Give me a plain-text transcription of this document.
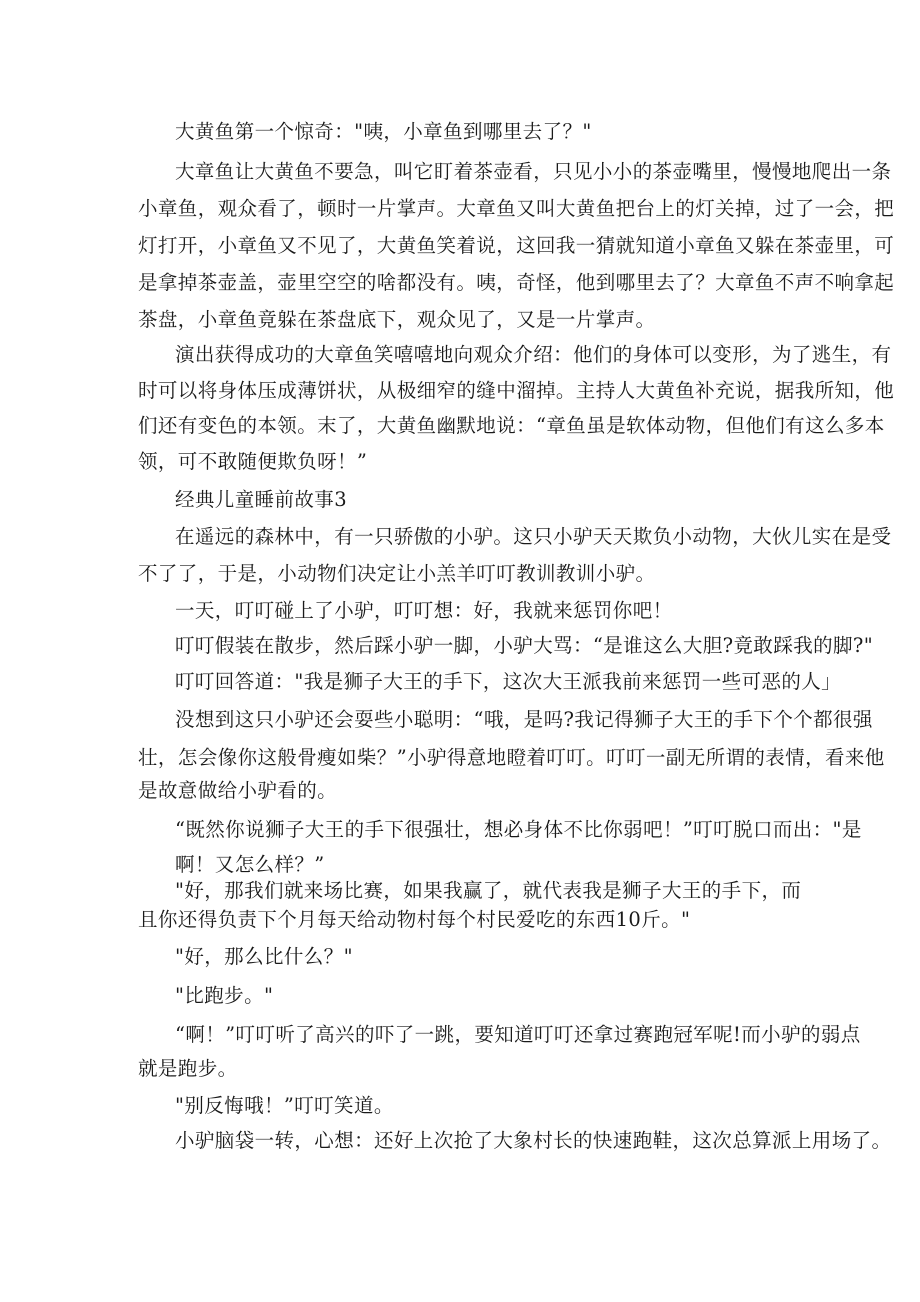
大黄鱼第一个惊奇："咦，小章鱼到哪里去了？"

大章鱼让大黄鱼不要急，叫它盯着茶壶看，只见小小的茶壶嘴里，慢慢地爬出一条

小章鱼，观众看了，顿时一片掌声。大章鱼又叫大黄鱼把台上的灯关掉，过了一会，把

灯打开，小章鱼又不见了，大黄鱼笑着说，这回我一猜就知道小章鱼又躲在茶壶里，可

是拿掉茶壶盖，壶里空空的啥都没有。咦，奇怪，他到哪里去了？大章鱼不声不响拿起

茶盘，小章鱼竟躲在茶盘底下，观众见了，又是一片掌声。

演出获得成功的大章鱼笑嘻嘻地向观众介绍：他们的身体可以变形，为了逃生，有

时可以将身体压成薄饼状，从极细窄的缝中溜掉。主持人大黄鱼补充说，据我所知，他

们还有变色的本领。末了，大黄鱼幽默地说：“章鱼虽是软体动物，但他们有这么多本

领，可不敢随便欺负呀！”

经典儿童睡前故事3

在遥远的森林中，有一只骄傲的小驴。这只小驴天天欺负小动物，大伙儿实在是受

不了了，于是，小动物们决定让小羔羊叮叮教训教训小驴。

一天，叮叮碰上了小驴，叮叮想：好，我就来惩罚你吧！

叮叮假装在散步，然后踩小驴一脚，小驴大骂：“是谁这么大胆?竟敢踩我的脚?"

叮叮回答道："我是狮子大王的手下，这次大王派我前来惩罚一些可恶的人」

没想到这只小驴还会耍些小聪明：“哦，是吗?我记得狮子大王的手下个个都很强

壮，怎会像你这般骨瘦如柴？”小驴得意地瞪着叮叮。叮叮一副无所谓的表情，看来他

是故意做给小驴看的。

“既然你说狮子大王的手下很强壮，想必身体不比你弱吧！”叮叮脱口而出："是

啊！又怎么样？”

"好，那我们就来场比赛，如果我赢了，就代表我是狮子大王的手下，而

且你还得负责下个月每天给动物村每个村民爱吃的东西10斤。"

"好，那么比什么？"

"比跑步。"

“啊！”叮叮听了高兴的吓了一跳，要知道叮叮还拿过赛跑冠军呢!而小驴的弱点

就是跑步。

"别反悔哦！”叮叮笑道。

小驴脑袋一转，心想：还好上次抢了大象村长的快速跑鞋，这次总算派上用场了。
